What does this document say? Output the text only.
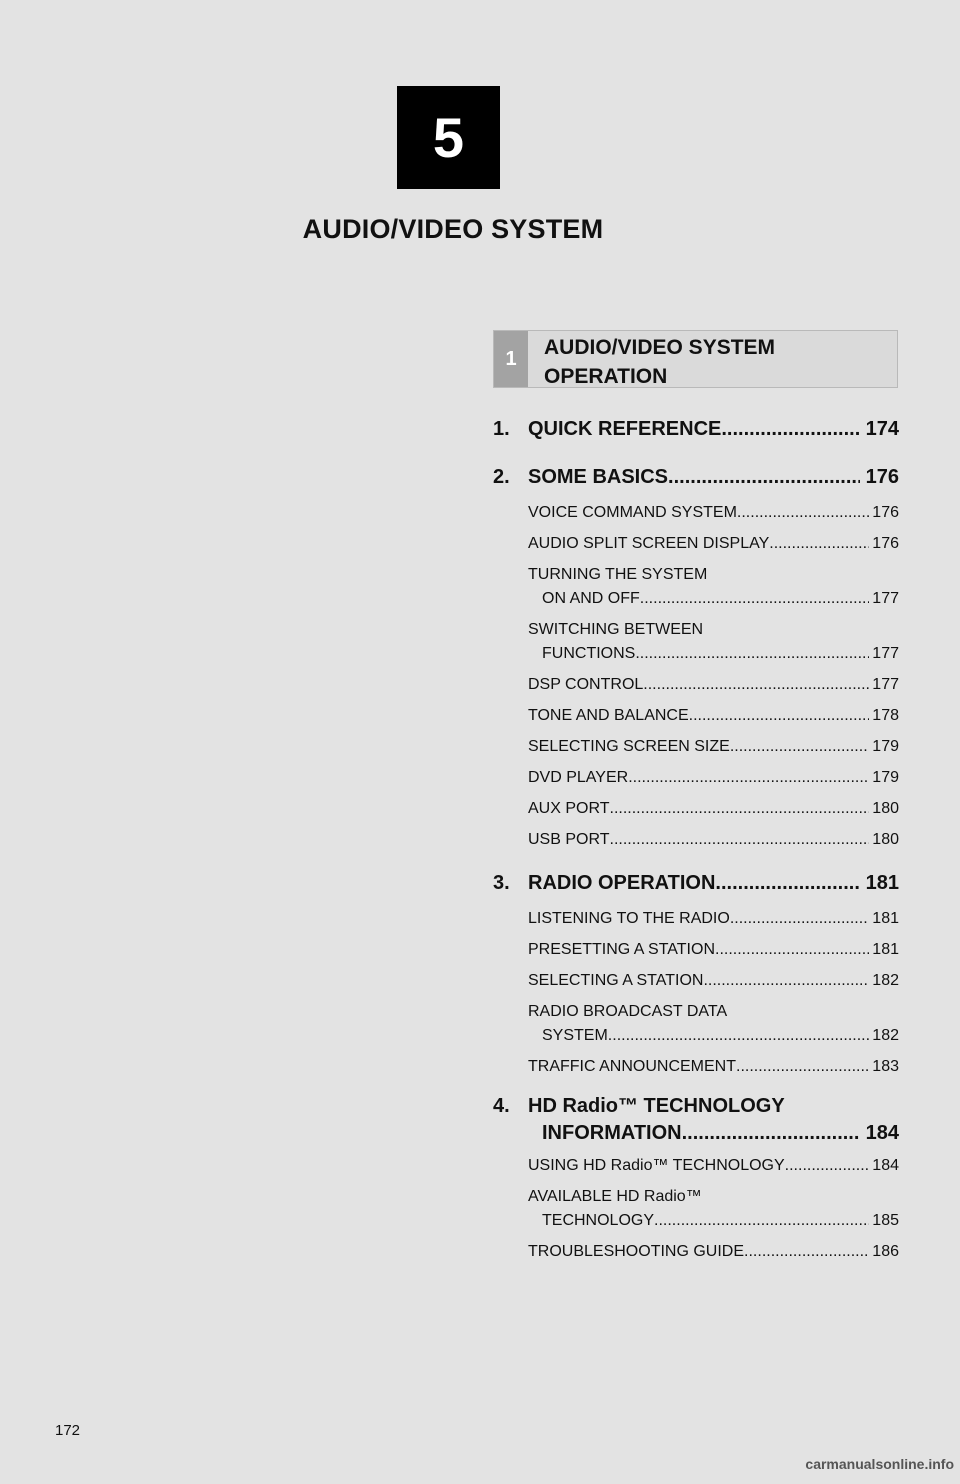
5
AUDIO/VIDEO SYSTEM
1	AUDIO/VIDEO SYSTEM
OPERATION
1. QUICK REFERENCE .....	174
2. SOME BASICS .....	176
VOICE COMMAND SYSTEM .....	176
AUDIO SPLIT SCREEN DISPLAY .....	176
TURNING THE SYSTEM
ON AND OFF .....	177
SWITCHING BETWEEN
FUNCTIONS .....	177
DSP CONTROL .....	177
TONE AND BALANCE .....	178
SELECTING SCREEN SIZE .....	179
DVD PLAYER .....	179
AUX PORT .....	180
USB PORT .....	180
3. RADIO OPERATION .....	181
LISTENING TO THE RADIO .....	181
PRESETTING A STATION .....	181
SELECTING A STATION .....	182
RADIO BROADCAST DATA
SYSTEM .....	182
TRAFFIC ANNOUNCEMENT .....	183
4. HD Radio™ TECHNOLOGY
INFORMATION .....	184
USING HD Radio™ TECHNOLOGY .....	184
AVAILABLE HD Radio™
TECHNOLOGY .....	185
TROUBLESHOOTING GUIDE .....	186
172
carmanualsonline.info
